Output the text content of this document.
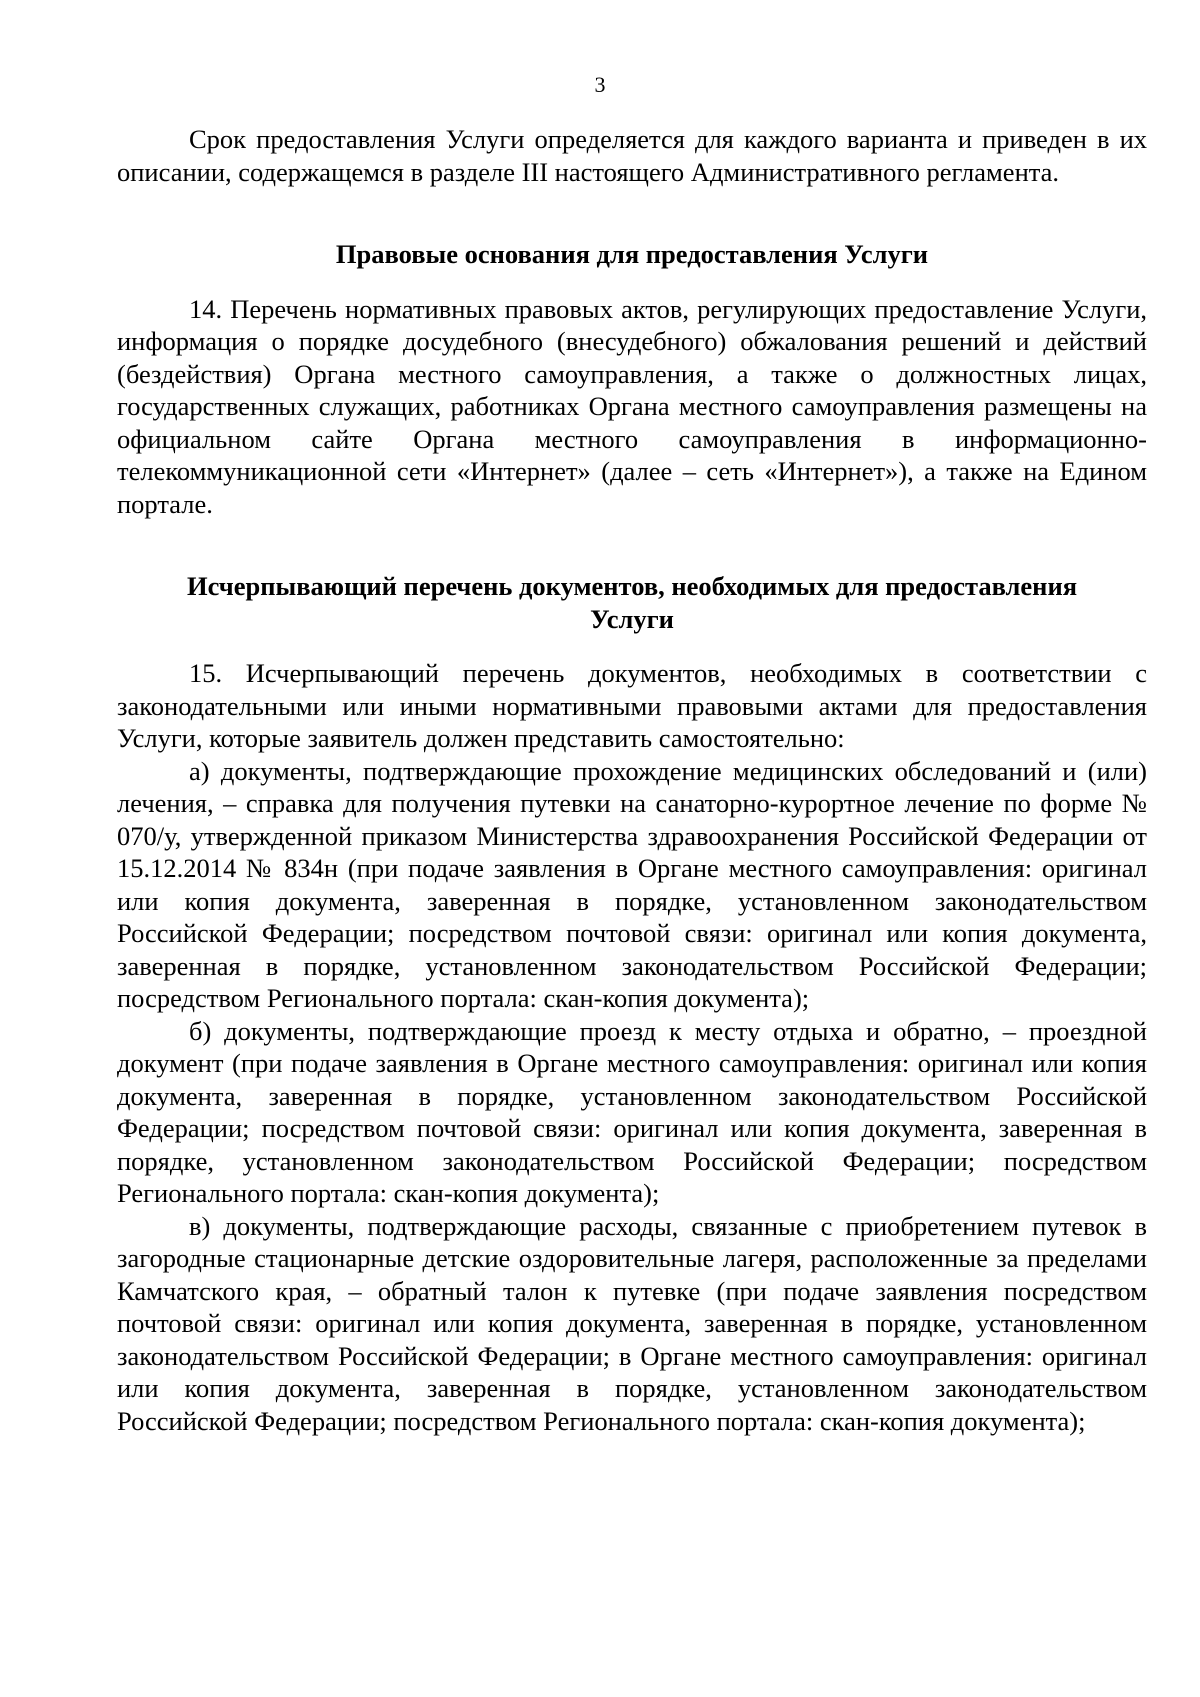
3

Срок предоставления Услуги определяется для каждого варианта и приведен в их описании, содержащемся в разделе III настоящего Административного регламента.

Правовые основания для предоставления Услуги

14. Перечень нормативных правовых актов, регулирующих предоставление Услуги, информация о порядке досудебного (внесудебного) обжалования решений и действий (бездействия) Органа местного самоуправления, а также о должностных лицах, государственных служащих, работниках Органа местного самоуправления размещены на официальном сайте Органа местного самоуправления в информационно-телекоммуникационной сети «Интернет» (далее – сеть «Интернет»), а также на Едином портале.

Исчерпывающий перечень документов, необходимых для предоставления
Услуги

15. Исчерпывающий перечень документов, необходимых в соответствии с законодательными или иными нормативными правовыми актами для предоставления Услуги, которые заявитель должен представить самостоятельно:

а) документы, подтверждающие прохождение медицинских обследований и (или) лечения, – справка для получения путевки на санаторно-курортное лечение по форме № 070/у, утвержденной приказом Министерства здравоохранения Российской Федерации от 15.12.2014 № 834н (при подаче заявления в Органе местного самоуправления: оригинал или копия документа, заверенная в порядке, установленном законодательством Российской Федерации; посредством почтовой связи: оригинал или копия документа, заверенная в порядке, установленном законодательством Российской Федерации; посредством Регионального портала: скан-копия документа);

б) документы, подтверждающие проезд к месту отдыха и обратно, – проездной документ (при подаче заявления в Органе местного самоуправления: оригинал или копия документа, заверенная в порядке, установленном законодательством Российской Федерации; посредством почтовой связи: оригинал или копия документа, заверенная в порядке, установленном законодательством Российской Федерации; посредством Регионального портала: скан-копия документа);

в) документы, подтверждающие расходы, связанные с приобретением путевок в загородные стационарные детские оздоровительные лагеря, расположенные за пределами Камчатского края, – обратный талон к путевке (при подаче заявления посредством почтовой связи: оригинал или копия документа, заверенная в порядке, установленном законодательством Российской Федерации; в Органе местного самоуправления: оригинал или копия документа, заверенная в порядке, установленном законодательством Российской Федерации; посредством Регионального портала: скан-копия документа);
